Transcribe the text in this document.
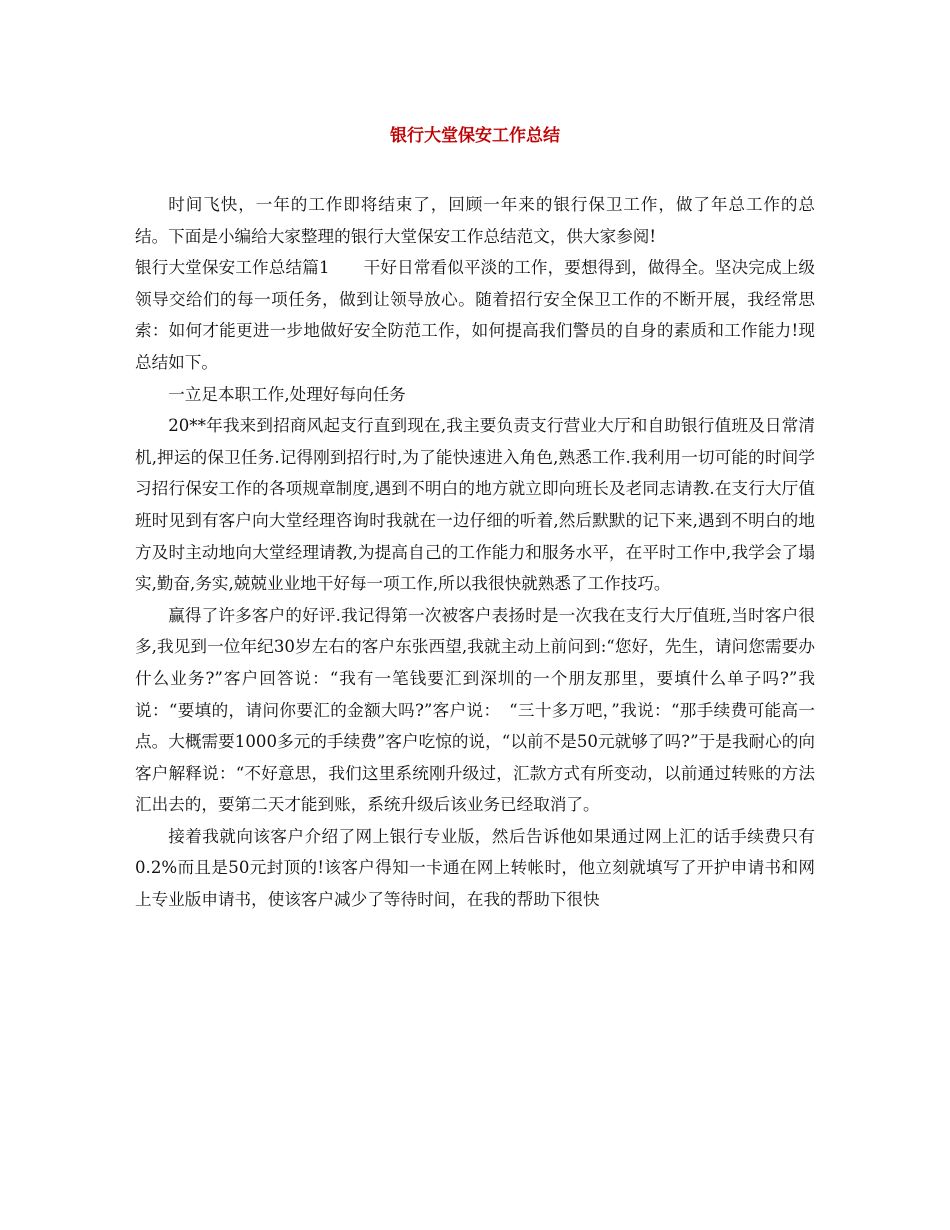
银行大堂保安工作总结

时间飞快，一年的工作即将结束了，回顾一年来的银行保卫工作，做了年总工作的总结。下面是小编给大家整理的银行大堂保安工作总结范文，供大家参阅!

银行大堂保安工作总结篇1 干好日常看似平淡的工作，要想得到，做得全。坚决完成上级领导交给们的每一项任务，做到让领导放心。随着招行安全保卫工作的不断开展，我经常思索：如何才能更进一步地做好安全防范工作，如何提高我们警员的自身的素质和工作能力!现总结如下。

一立足本职工作,处理好每向任务

20**年我来到招商风起支行直到现在,我主要负责支行营业大厅和自助银行值班及日常清机,押运的保卫任务.记得刚到招行时,为了能快速进入角色,熟悉工作.我利用一切可能的时间学习招行保安工作的各项规章制度,遇到不明白的地方就立即向班长及老同志请教.在支行大厅值班时见到有客户向大堂经理咨询时我就在一边仔细的听着,然后默默的记下来,遇到不明白的地方及时主动地向大堂经理请教,为提高自己的工作能力和服务水平，在平时工作中,我学会了塌实,勤奋,务实,兢兢业业地干好每一项工作,所以我很快就熟悉了工作技巧。

赢得了许多客户的好评.我记得第一次被客户表扬时是一次我在支行大厅值班,当时客户很多,我见到一位年纪30岁左右的客户东张西望,我就主动上前问到:“您好，先生，请问您需要办什么业务?”客户回答说：“我有一笔钱要汇到深圳的一个朋友那里，要填什么单子吗?”我说：“要填的，请问你要汇的金额大吗?”客户说：　“三十多万吧，”我说：“那手续费可能高一点。大概需要1000多元的手续费”客户吃惊的说，“以前不是50元就够了吗?”于是我耐心的向客户解释说：“不好意思，我们这里系统刚升级过，汇款方式有所变动，以前通过转账的方法汇出去的，要第二天才能到账，系统升级后该业务已经取消了。

接着我就向该客户介绍了网上银行专业版，然后告诉他如果通过网上汇的话手续费只有0.2%而且是50元封顶的!该客户得知一卡通在网上转帐时，他立刻就填写了开护申请书和网上专业版申请书，使该客户减少了等待时间，在我的帮助下很快
